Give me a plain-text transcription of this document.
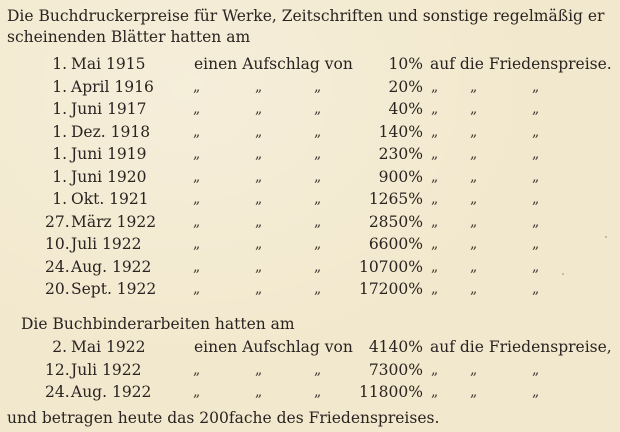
Die Buchdruckerpreise für Werke, Zeitschriften und sonstige regelmäßig er
scheinenden Blätter hatten am
1. Mai 1915	einen Aufschlag von	10% auf die Friedenspreise.
1. April 1916	„	„	„	20% „	„	„
1. Juni 1917	„	„	„	40% „	„	„
1. Dez. 1918	„	„	„	140% „	„	„
1. Juni 1919	„	„	„	230% „	„	„
1. Juni 1920	„	„	„	900% „	„	„
1. Okt. 1921	„	„	„	1265% „	„	„
27. März 1922	„	„	„	2850% „	„	„
10. Juli 1922	„	„	„	6600% „	„	„
24. Aug. 1922	„	„	„	10700% „	„	„
20. Sept. 1922	„	„	„	17200% „	„	„
Die Buchbinderarbeiten hatten am
2. Mai 1922	einen Aufschlag von	4140% auf die Friedenspreise,
12. Juli 1922	„	„	„	7300% „	„	„
24. Aug. 1922	„	„	„	11800% „	„	„
und betragen heute das 200fache des Friedenspreises.
